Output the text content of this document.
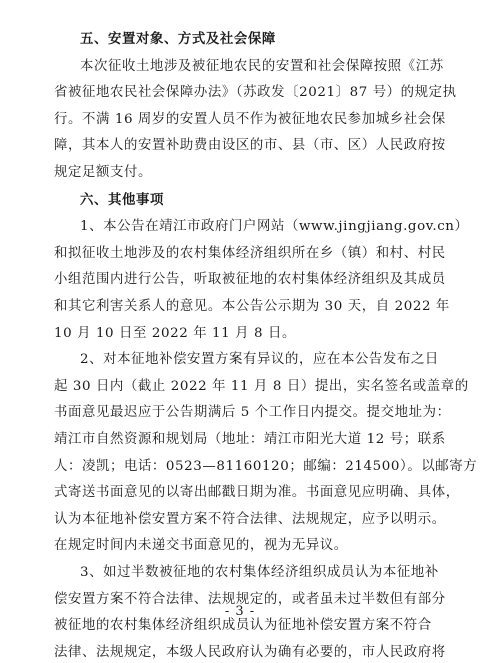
五、安置对象、方式及社会保障
本次征收土地涉及被征地农民的安置和社会保障按照《江苏
省被征地农民社会保障办法》（苏政发〔2021〕87 号）的规定执
行。不满 16 周岁的安置人员不作为被征地农民参加城乡社会保
障，其本人的安置补助费由设区的市、县（市、区）人民政府按
规定足额支付。
六、其他事项
1、本公告在靖江市政府门户网站（www.jingjiang.gov.cn）
和拟征收土地涉及的农村集体经济组织所在乡（镇）和村、村民
小组范围内进行公告，听取被征地的农村集体经济组织及其成员
和其它利害关系人的意见。本公告公示期为 30 天，自 2022 年
10 月 10 日至 2022 年 11 月 8 日。
2、对本征地补偿安置方案有异议的，应在本公告发布之日
起 30 日内（截止 2022 年 11 月 8 日）提出，实名签名或盖章的
书面意见最迟应于公告期满后 5 个工作日内提交。提交地址为：
靖江市自然资源和规划局（地址：靖江市阳光大道 12 号；联系
人：凌凯；电话：0523—81160120；邮编：214500）。以邮寄方
式寄送书面意见的以寄出邮戳日期为准。书面意见应明确、具体，
认为本征地补偿安置方案不符合法律、法规规定，应予以明示。
在规定时间内未递交书面意见的，视为无异议。
3、如过半数被征地的农村集体经济组织成员认为本征地补
偿安置方案不符合法律、法规规定的，或者虽未过半数但有部分
被征地的农村集体经济组织成员认为征地补偿安置方案不符合
法律、法规规定，本级人民政府认为确有必要的，市人民政府将
- 3 -
